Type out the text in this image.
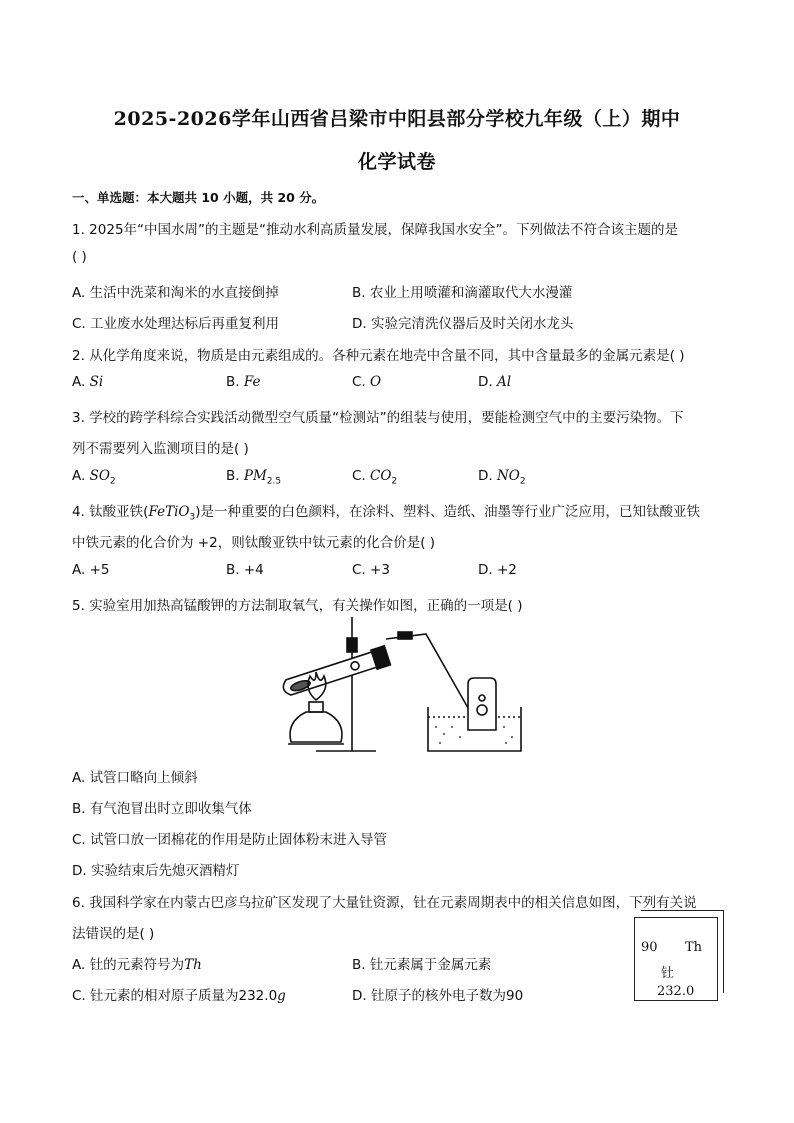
2025-2026学年山西省吕梁市中阳县部分学校九年级（上）期中
化学试卷
一、单选题：本大题共 10 小题，共 20 分。
1. 2025年“中国水周”的主题是“推动水利高质量发展，保障我国水安全”。下列做法不符合该主题的是
( )
A. 生活中洗菜和淘米的水直接倒掉	B. 农业上用喷灌和滴灌取代大水漫灌
C. 工业废水处理达标后再重复利用	D. 实验完清洗仪器后及时关闭水龙头
2. 从化学角度来说，物质是由元素组成的。各种元素在地壳中含量不同，其中含量最多的金属元素是( )
A. Si	B. Fe	C. O	D. Al
3. 学校的跨学科综合实践活动微型空气质量“检测站”的组装与使用，要能检测空气中的主要污染物。下
列不需要列入监测项目的是( )
A. $SO_2$	B. $PM_{2.5}$	C. $CO_2$	D. $NO_2$
4. 钛酸亚铁(FeTiO$_3$)是一种重要的白色颜料，在涂料、塑料、造纸、油墨等行业广泛应用，已知钛酸亚铁
中铁元素的化合价为 +2，则钛酸亚铁中钛元素的化合价是( )
A. +5	B. +4	C. +3	D. +2
5. 实验室用加热高锰酸钾的方法制取氧气，有关操作如图，正确的一项是( )
A. 试管口略向上倾斜
B. 有气泡冒出时立即收集气体
C. 试管口放一团棉花的作用是防止固体粉末进入导管
D. 实验结束后先熄灭酒精灯
6. 我国科学家在内蒙古巴彦乌拉矿区发现了大量钍资源，钍在元素周期表中的相关信息如图，下列有关说
法错误的是( )
A. 钍的元素符号为Th	B. 钍元素属于金属元素
C. 钍元素的相对原子质量为232.0g	D. 钍原子的核外电子数为90
90 Th
钍
232.0
